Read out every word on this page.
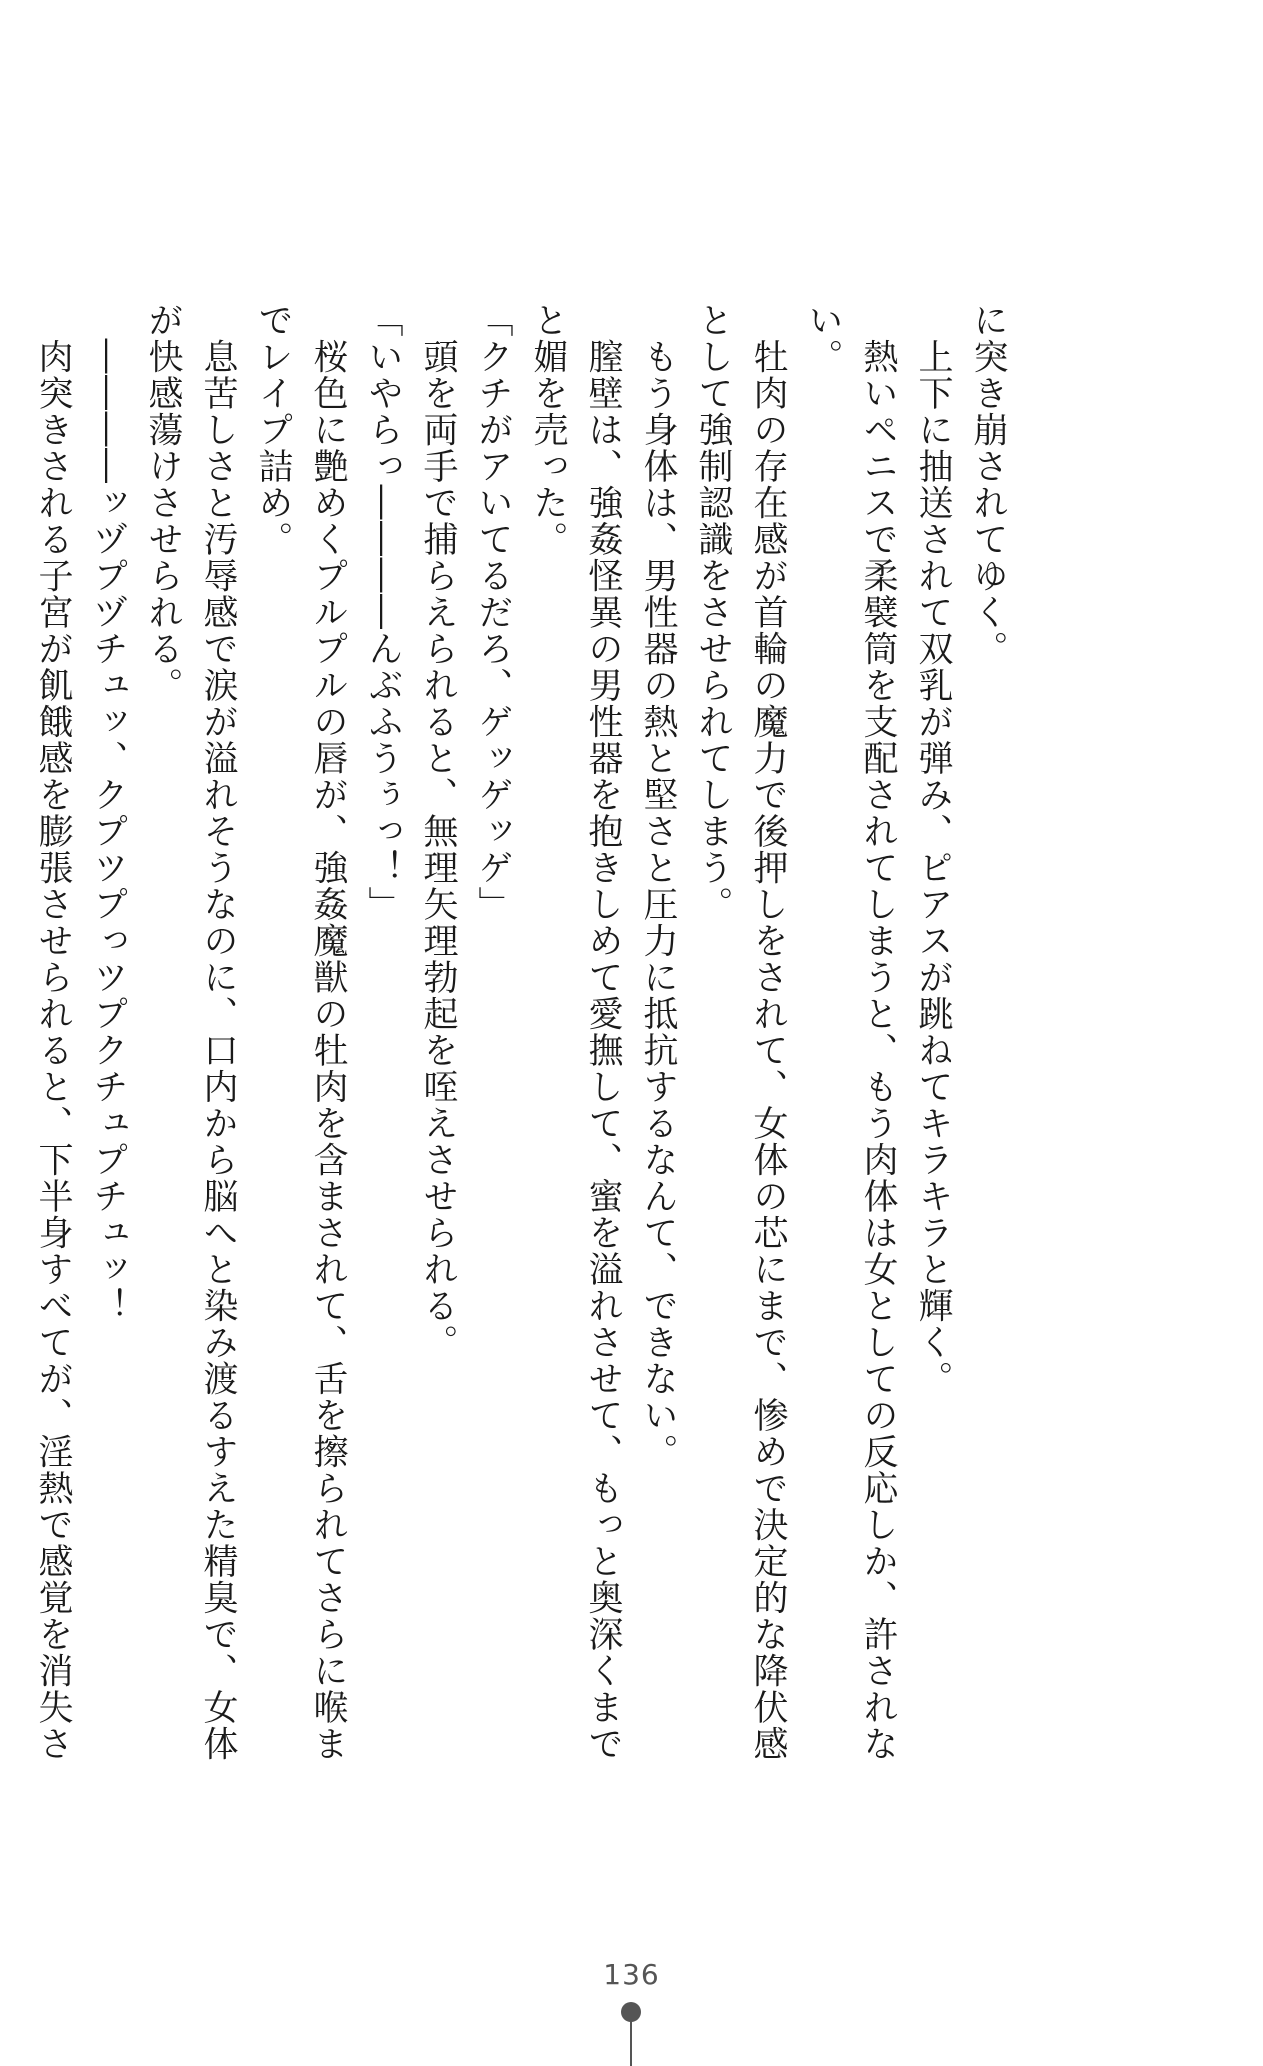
に突き崩されてゆく。

　上下に抽送されて双乳が弾み、ピアスが跳ねてキラキラと輝く。

　熱いペニスで柔襞筒を支配されてしまうと、もう肉体は女としての反応しか、許されな

い。

　牡肉の存在感が首輪の魔力で後押しをされて、女体の芯にまで、惨めで決定的な降伏感

として強制認識をさせられてしまう。

　もう身体は、男性器の熱と堅さと圧力に抵抗するなんて、できない。

　膣壁は、強姦怪異の男性器を抱きしめて愛撫して、蜜を溢れさせて、もっと奥深くまで

と媚を売った。

「クチがアいてるだろ、ゲッゲッゲ」

　頭を両手で捕らえられると、無理矢理勃起を咥えさせられる。

「いやらっ――――んぶふうぅっ！」

　桜色に艶めくプルプルの唇が、強姦魔獣の牡肉を含まされて、舌を擦られてさらに喉ま

でレイプ詰め。

　息苦しさと汚辱感で涙が溢れそうなのに、口内から脳へと染み渡るすえた精臭で、女体

が快感蕩けさせられる。

　――――ッヅプヅチュッ、クプツプっツプクチュプチュッ！

　肉突きされる子宮が飢餓感を膨張させられると、下半身すべてが、淫熱で感覚を消失さ

136
